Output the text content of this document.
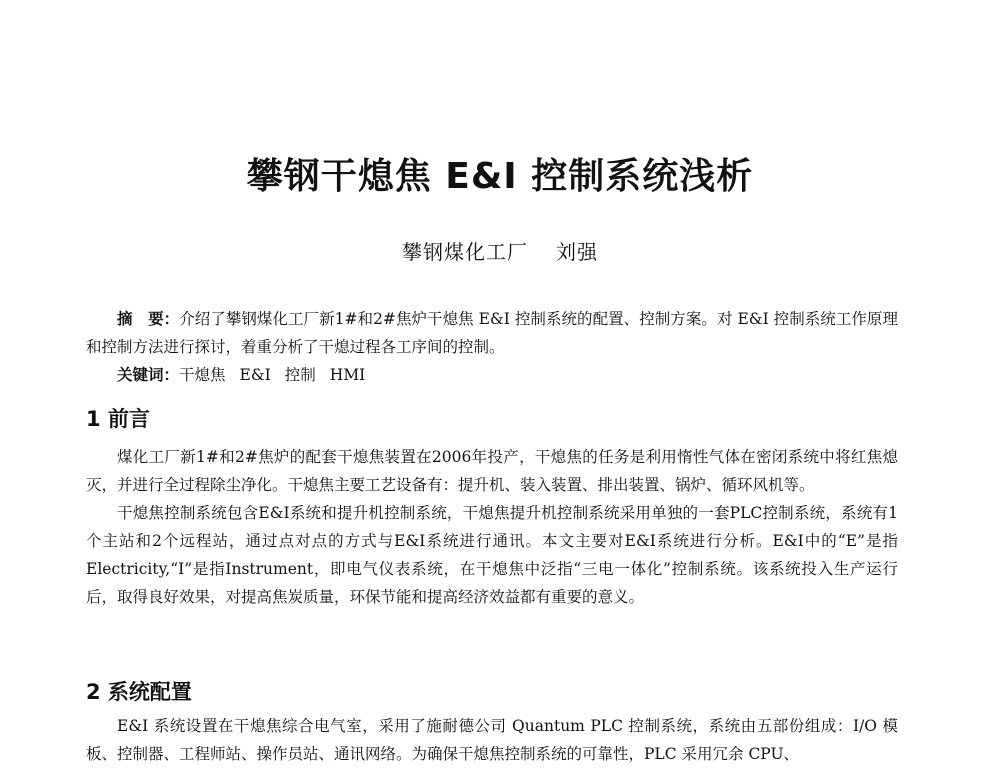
攀钢干熄焦 E&I 控制系统浅析
攀钢煤化工厂 刘强

摘　要：介绍了攀钢煤化工厂新1#和2#焦炉干熄焦 E&I 控制系统的配置、控制方案。对 E&I 控制系统工作原理和控制方法进行探讨，着重分析了干熄过程各工序间的控制。

关键词：干熄焦 E&I 控制 HMI

1 前言

煤化工厂新1#和2#焦炉的配套干熄焦装置在2006年投产，干熄焦的任务是利用惰性气体在密闭系统中将红焦熄灭，并进行全过程除尘净化。干熄焦主要工艺设备有：提升机、装入装置、排出装置、锅炉、循环风机等。

干熄焦控制系统包含E&I系统和提升机控制系统，干熄焦提升机控制系统采用单独的一套PLC控制系统，系统有1个主站和2个远程站，通过点对点的方式与E&I系统进行通讯。本文主要对E&I系统进行分析。E&I中的“E”是指Electricity,“I”是指Instrument，即电气仪表系统，在干熄焦中泛指“三电一体化”控制系统。该系统投入生产运行后，取得良好效果，对提高焦炭质量，环保节能和提高经济效益都有重要的意义。

2 系统配置

E&I 系统设置在干熄焦综合电气室，采用了施耐德公司 Quantum PLC 控制系统，系统由五部份组成：I/O 模板、控制器、工程师站、操作员站、通讯网络。为确保干熄焦控制系统的可靠性，PLC 采用冗余 CPU、
